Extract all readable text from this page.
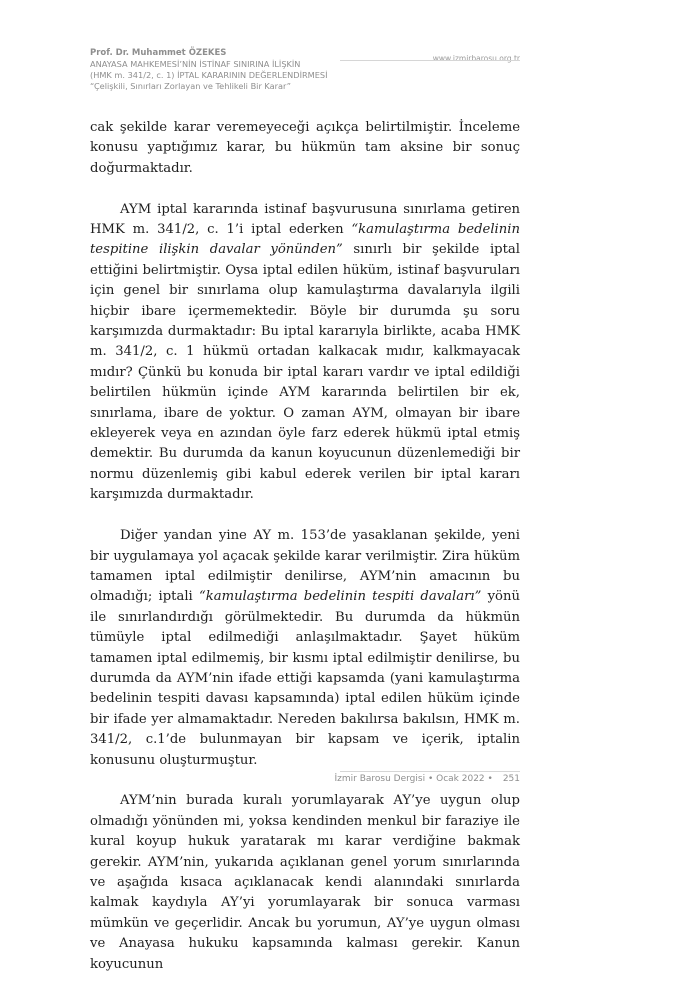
Prof. Dr. Muhammet ÖZEKES
ANAYASA MAHKEMESİ’NİN İSTİNAF SINIRINA İLİŞKİN
(HMK m. 341/2, c. 1) İPTAL KARARININ DEĞERLENDİRMESİ
“Çelişkili, Sınırları Zorlayan ve Tehlikeli Bir Karar”
www.izmirbarosu.org.tr

cak şekilde karar veremeyeceği açıkça belirtilmiştir. İnceleme konusu yaptığımız karar, bu hükmün tam aksine bir sonuç doğurmaktadır.

AYM iptal kararında istinaf başvurusuna sınırlama getiren HMK m. 341/2, c. 1’i iptal ederken “kamulaştırma bedelinin tespitine ilişkin davalar yönünden” sınırlı bir şekilde iptal ettiğini belirtmiştir. Oysa iptal edilen hüküm, istinaf başvuruları için genel bir sınırlama olup kamulaştırma davalarıyla ilgili hiçbir ibare içermemektedir. Böyle bir durumda şu soru karşımızda durmaktadır: Bu iptal kararıyla birlikte, acaba HMK m. 341/2, c. 1 hükmü ortadan kalkacak mıdır, kalkmayacak mıdır? Çünkü bu konuda bir iptal kararı vardır ve iptal edildiği belirtilen hükmün içinde AYM kararında belirtilen bir ek, sınırlama, ibare de yoktur. O zaman AYM, olmayan bir ibare ekleyerek veya en azından öyle farz ederek hükmü iptal etmiş demektir. Bu durumda da kanun koyucunun düzenlemediği bir normu düzenlemiş gibi kabul ederek verilen bir iptal kararı karşımızda durmaktadır.

Diğer yandan yine AY m. 153’de yasaklanan şekilde, yeni bir uygulamaya yol açacak şekilde karar verilmiştir. Zira hüküm tamamen iptal edilmiştir denilirse, AYM’nin amacının bu olmadığı; iptali “kamulaştırma bedelinin tespiti davaları” yönü ile sınırlandırdığı görülmektedir. Bu durumda da hükmün tümüyle iptal edilmediği anlaşılmaktadır. Şayet hüküm tamamen iptal edilmemiş, bir kısmı iptal edilmiştir denilirse, bu durumda da AYM’nin ifade ettiği kapsamda (yani kamulaştırma bedelinin tespiti davası kapsamında) iptal edilen hüküm içinde bir ifade yer almamaktadır. Nereden bakılırsa bakılsın, HMK m. 341/2, c.1’de bulunmayan bir kapsam ve içerik, iptalin konusunu oluşturmuştur.

AYM’nin burada kuralı yorumlayarak AY’ye uygun olup olmadığı yönünden mi, yoksa kendinden menkul bir faraziye ile kural koyup hukuk yaratarak mı karar verdiğine bakmak gerekir. AYM’nin, yukarıda açıklanan genel yorum sınırlarında ve aşağıda kısaca açıklanacak kendi alanındaki sınırlarda kalmak kaydıyla AY’yi yorumlayarak bir sonuca varması mümkün ve geçerlidir. Ancak bu yorumun, AY’ye uygun olması ve Anayasa hukuku kapsamında kalması gerekir. Kanun koyucunun

İzmir Barosu Dergisi • Ocak 2022 • 251
